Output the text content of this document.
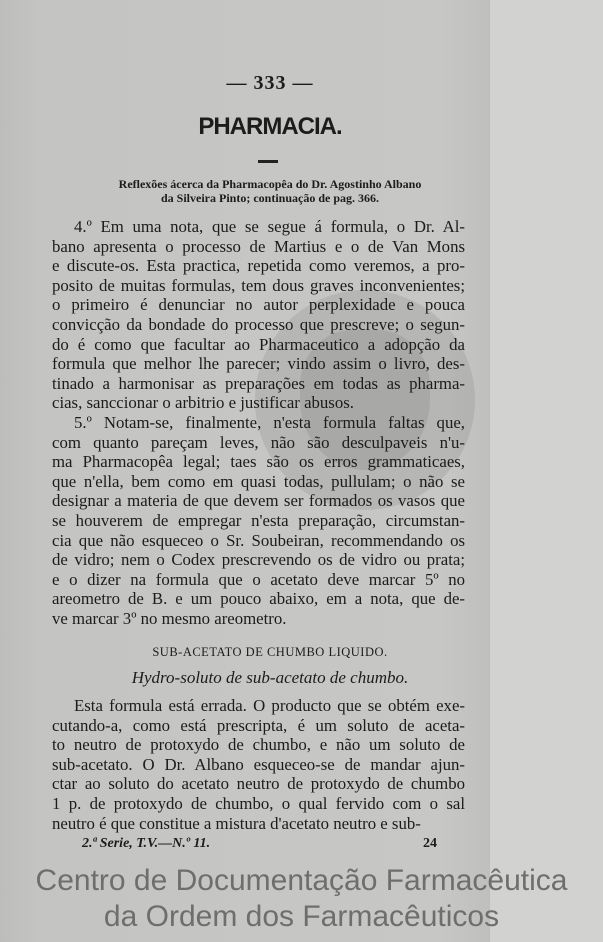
— 333 —
PHARMACIA.
Reflexões ácerca da Pharmacopêa do Dr. Agostinho Albano
da Silveira Pinto; continuação de pag. 366.
4.º Em uma nota, que se segue á formula, o Dr. Al-
bano apresenta o processo de Martius e o de Van Mons
e discute-os. Esta practica, repetida como veremos, a pro-
posito de muitas formulas, tem dous graves inconvenientes;
o primeiro é denunciar no autor perplexidade e pouca
convicção da bondade do processo que prescreve; o segun-
do é como que facultar ao Pharmaceutico a adopção da
formula que melhor lhe parecer; vindo assim o livro, des-
tinado a harmonisar as preparações em todas as pharma-
cias, sanccionar o arbitrio e justificar abusos.
5.º Notam-se, finalmente, n'esta formula faltas que,
com quanto pareçam leves, não são desculpaveis n'u-
ma Pharmacopêa legal; taes são os erros grammaticaes,
que n'ella, bem como em quasi todas, pullulam; o não se
designar a materia de que devem ser formados os vasos que
se houverem de empregar n'esta preparação, circumstan-
cia que não esqueceo o Sr. Soubeiran, recommendando os
de vidro; nem o Codex prescrevendo os de vidro ou prata;
e o dizer na formula que o acetato deve marcar 5º no
areometro de B. e um pouco abaixo, em a nota, que de-
ve marcar 3º no mesmo areometro.
SUB-ACETATO DE CHUMBO LIQUIDO.
Hydro-soluto de sub-acetato de chumbo.
Esta formula está errada. O producto que se obtém exe-
cutando-a, como está prescripta, é um soluto de aceta-
to neutro de protoxydo de chumbo, e não um soluto de
sub-acetato. O Dr. Albano esqueceo-se de mandar ajun-
ctar ao soluto do acetato neutro de protoxydo de chumbo
1 p. de protoxydo de chumbo, o qual fervido com o sal
neutro é que constitue a mistura d'acetato neutro e sub-
2.ª Serie, T.V.—N.º 11.	24
Centro de Documentação Farmacêutica
da Ordem dos Farmacêuticos
